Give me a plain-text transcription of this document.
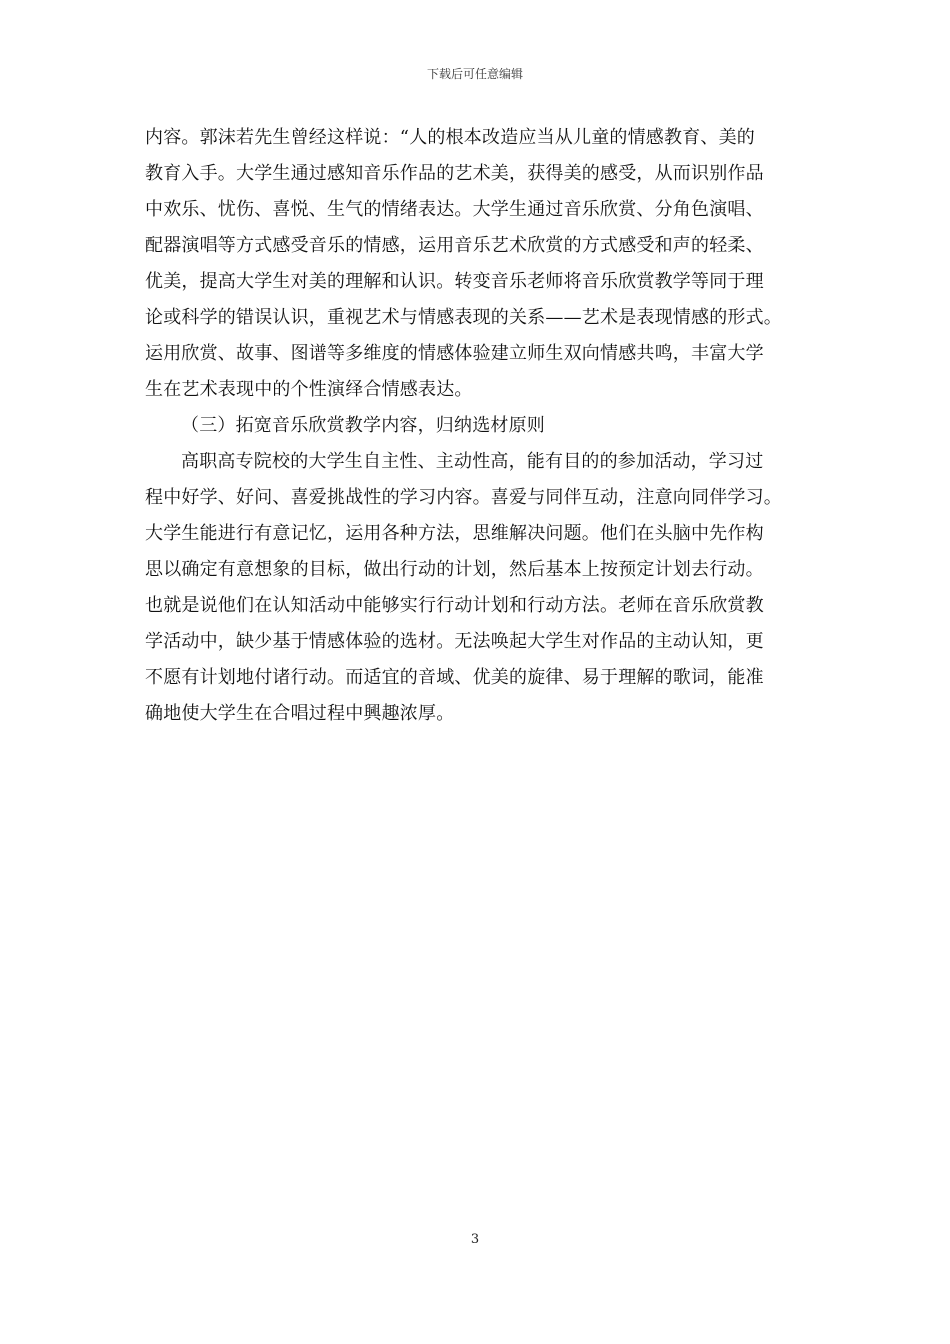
下载后可任意编辑
内容。郭沫若先生曾经这样说：“人的根本改造应当从儿童的情感教育、美的
教育入手。大学生通过感知音乐作品的艺术美，获得美的感受，从而识别作品
中欢乐、忧伤、喜悦、生气的情绪表达。大学生通过音乐欣赏、分角色演唱、
配器演唱等方式感受音乐的情感，运用音乐艺术欣赏的方式感受和声的轻柔、
优美，提高大学生对美的理解和认识。转变音乐老师将音乐欣赏教学等同于理
论或科学的错误认识，重视艺术与情感表现的关系——艺术是表现情感的形式。
运用欣赏、故事、图谱等多维度的情感体验建立师生双向情感共鸣，丰富大学
生在艺术表现中的个性演绎合情感表达。
（三）拓宽音乐欣赏教学内容，归纳选材原则
高职高专院校的大学生自主性、主动性高，能有目的的参加活动，学习过
程中好学、好问、喜爱挑战性的学习内容。喜爱与同伴互动，注意向同伴学习。
大学生能进行有意记忆，运用各种方法，思维解决问题。他们在头脑中先作构
思以确定有意想象的目标，做出行动的计划，然后基本上按预定计划去行动。
也就是说他们在认知活动中能够实行行动计划和行动方法。老师在音乐欣赏教
学活动中，缺少基于情感体验的选材。无法唤起大学生对作品的主动认知，更
不愿有计划地付诸行动。而适宜的音域、优美的旋律、易于理解的歌词，能准
确地使大学生在合唱过程中興趣浓厚。
3
